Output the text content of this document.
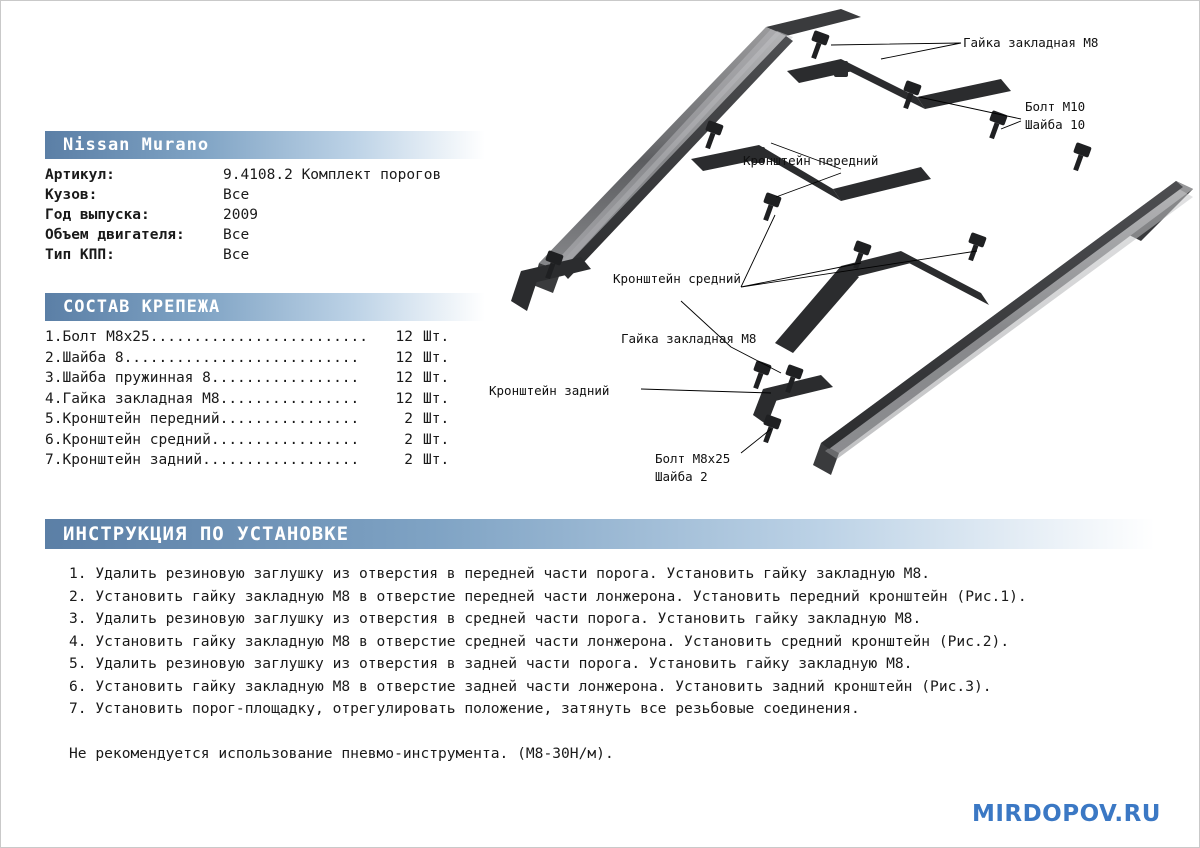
Гайка закладная М8
Болт М10
Шайба 10
Кронштейн передний
Кронштейн средний
Гайка закладная М8
Кронштейн задний
Болт М8х25
Шайба 2
Nissan Murano
Артикул:	9.4108.2 Комплект порогов
Кузов:	Все
Год выпуска:	2009
Объем двигателя:	Все
Тип КПП:	Все
СОСТАВ КРЕПЕЖА
1.Болт М8х25.........................	12 Шт.
2.Шайба 8...........................	12 Шт.
3.Шайба пружинная 8.................	12 Шт.
4.Гайка закладная М8................	12 Шт.
5.Кронштейн передний................	2 Шт.
6.Кронштейн средний.................	2 Шт.
7.Кронштейн задний..................	2 Шт.
ИНСТРУКЦИЯ ПО УСТАНОВКЕ
1. Удалить резиновую заглушку из отверстия в передней части порога. Установить гайку закладную М8.
2. Установить гайку закладную М8 в отверстие передней части лонжерона. Установить передний кронштейн (Рис.1).
3. Удалить резиновую заглушку из отверстия в средней части порога. Установить гайку закладную М8.
4. Установить гайку закладную М8 в отверстие средней части лонжерона. Установить средний кронштейн (Рис.2).
5. Удалить резиновую заглушку из отверстия в задней части порога. Установить гайку закладную М8.
6. Установить гайку закладную М8 в отверстие задней части лонжерона. Установить задний кронштейн (Рис.3).
7. Установить порог-площадку, отрегулировать положение, затянуть все резьбовые соединения.
Не рекомендуется использование пневмо-инструмента. (М8-30Н/м).
MIRDOPOV.RU
